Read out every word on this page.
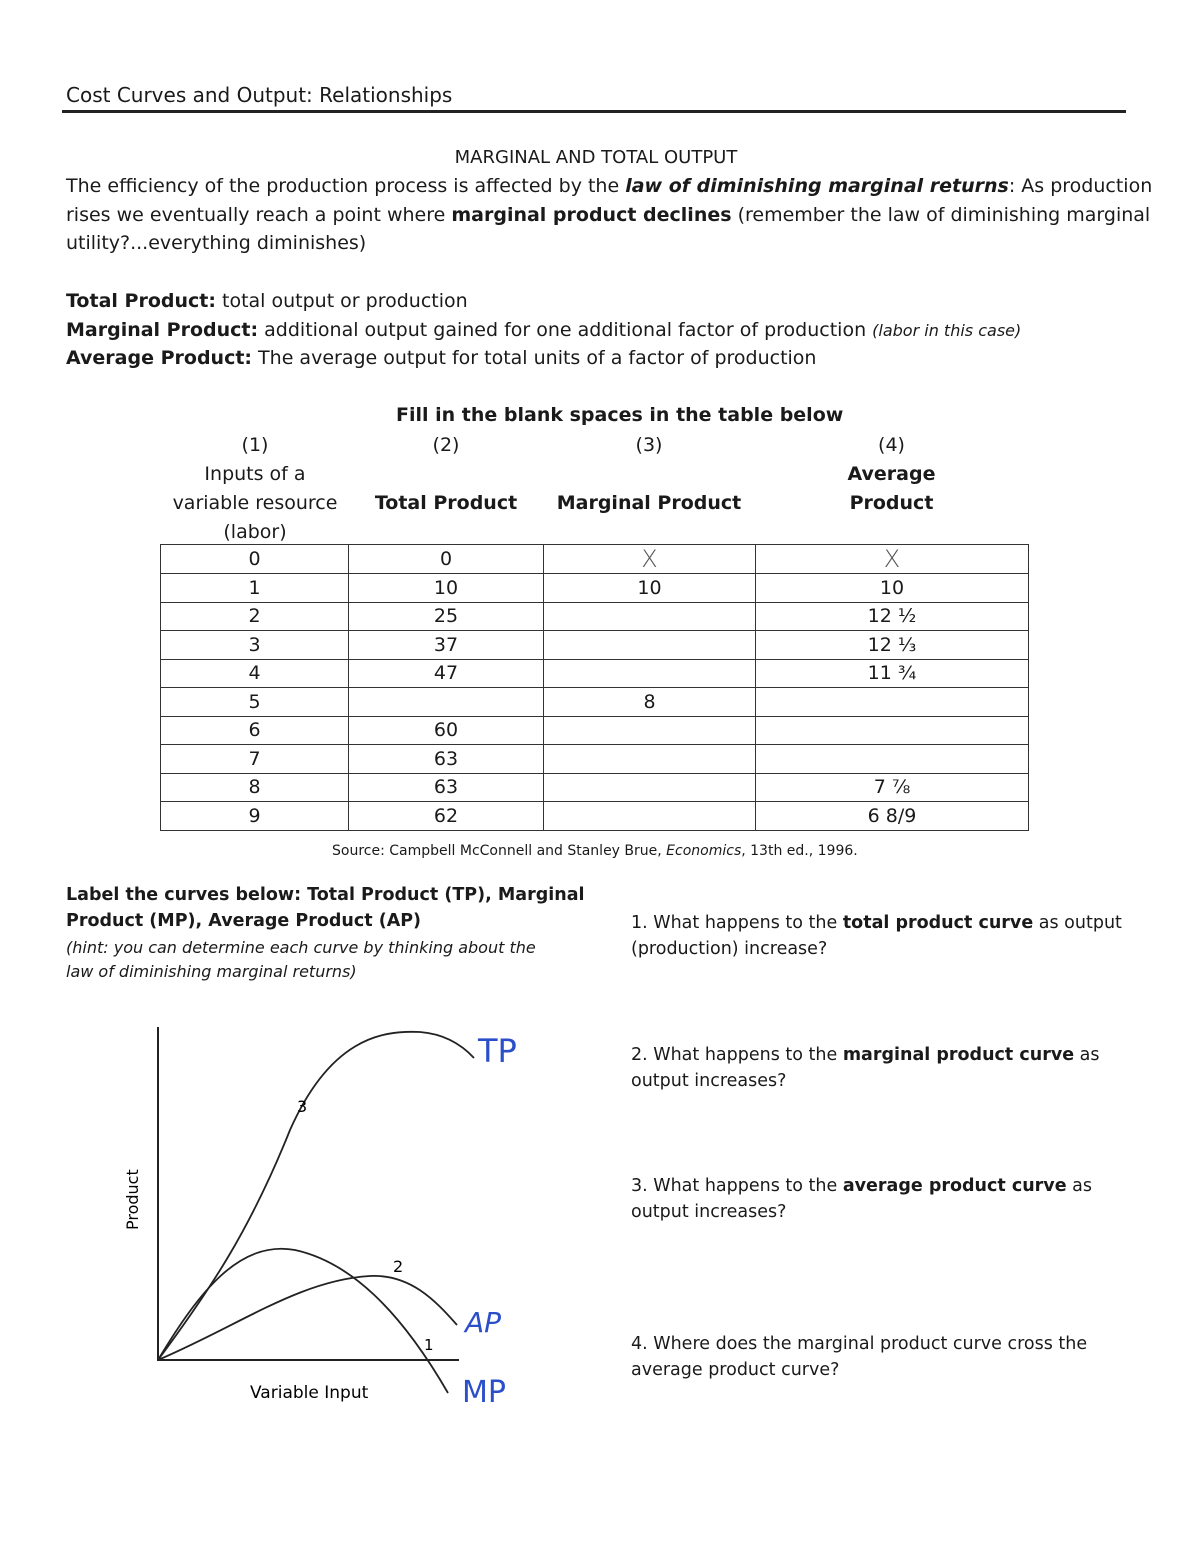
Cost Curves and Output: Relationships
MARGINAL AND TOTAL OUTPUT
The efficiency of the production process is affected by the law of diminishing marginal returns: As production
rises we eventually reach a point where marginal product declines (remember the law of diminishing marginal
utility?...everything diminishes)
Total Product: total output or production
Marginal Product: additional output gained for one additional factor of production (labor in this case)
Average Product: The average output for total units of a factor of production
Fill in the blank spaces in the table below
(1)
Inputs of a
variable resource
(labor)
(2)
Total Product
(3)
Marginal Product
(4)
Average
Product
0	0	X	X
1	10	10	10
2	25		12 ½
3	37		12 ⅓
4	47		11 ¾
5		8	
6	60		
7	63		
8	63		7 ⅞
9	62		6 8/9
Source: Campbell McConnell and Stanley Brue, Economics, 13th ed., 1996.
Label the curves below: Total Product (TP), Marginal
Product (MP), Average Product (AP)
(hint: you can determine each curve by thinking about the
law of diminishing marginal returns)
3
2
1
Variable Input
Product
TP
AP
MP
1. What happens to the total product curve as output
(production) increase?
2. What happens to the marginal product curve as
output increases?
3. What happens to the average product curve as
output increases?
4. Where does the marginal product curve cross the
average product curve?
